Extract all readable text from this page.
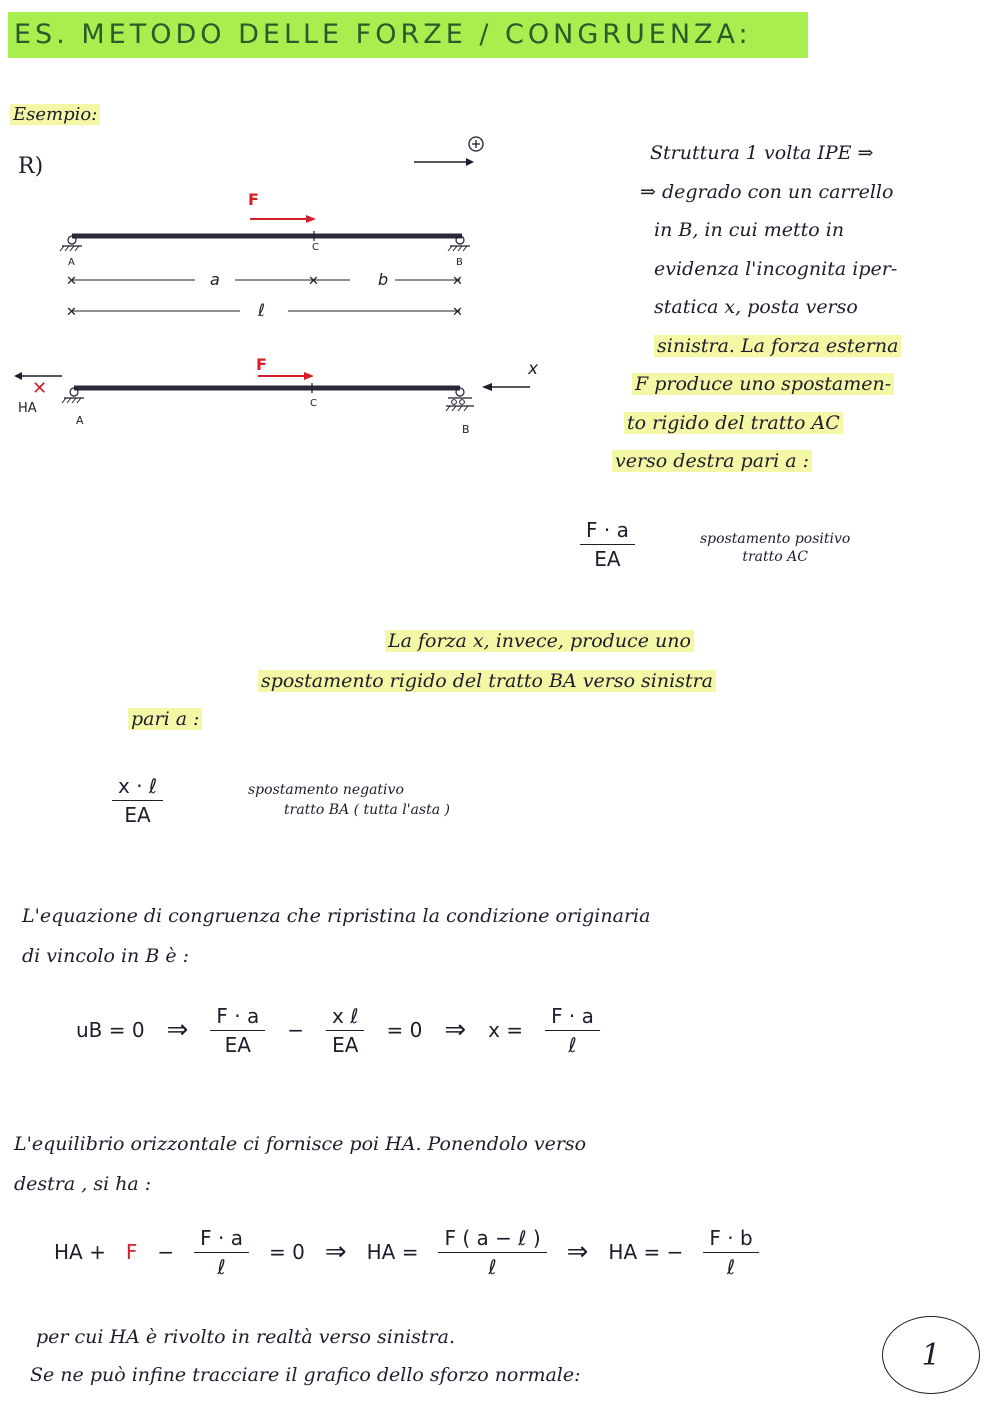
ES. METODO DELLE FORZE / CONGRUENZA:
Esempio:
R)
F
A
C
B
✕	✕	✕
a	b
✕	✕
ℓ
F
C
✕
HA
A
B
x
Struttura 1 volta IPE ⇒
⇒ degrado con un carrello
in B, in cui metto in
evidenza l'incognita iper-
statica x, posta verso
sinistra. La forza esterna
F produce uno spostamen-
to rigido del tratto AC
verso destra pari a :
$\frac{F \cdot a}{EA}$	spostamento positivo
tratto AC
La forza x, invece, produce uno
spostamento rigido del tratto BA verso sinistra
pari a :
$\frac{\text{x · ℓ}}{EA}$	spostamento negativo
tratto BA ( tutta l'asta )
L'equazione di congruenza che ripristina la condizione originaria
di vincolo in B è :
uB = 0 ⇒ $\frac{F \cdot a}{EA} - \frac{\text{x ℓ}}{EA} = 0$ ⇒ $x = \frac{F \cdot a}{\text{ℓ}}$
L'equilibrio orizzontale ci fornisce poi HA. Ponendolo verso
destra , si ha :
HA + $F - \frac{F \cdot a}{\text{ℓ}} = 0$ ⇒ HA = $\frac{\text{F ( a − ℓ )}}{\text{ℓ}}$ ⇒ HA = − $\frac{F \cdot b}{\text{ℓ}}$
per cui HA è rivolto in realtà verso sinistra.
Se ne può infine tracciare il grafico dello sforzo normale:
1
